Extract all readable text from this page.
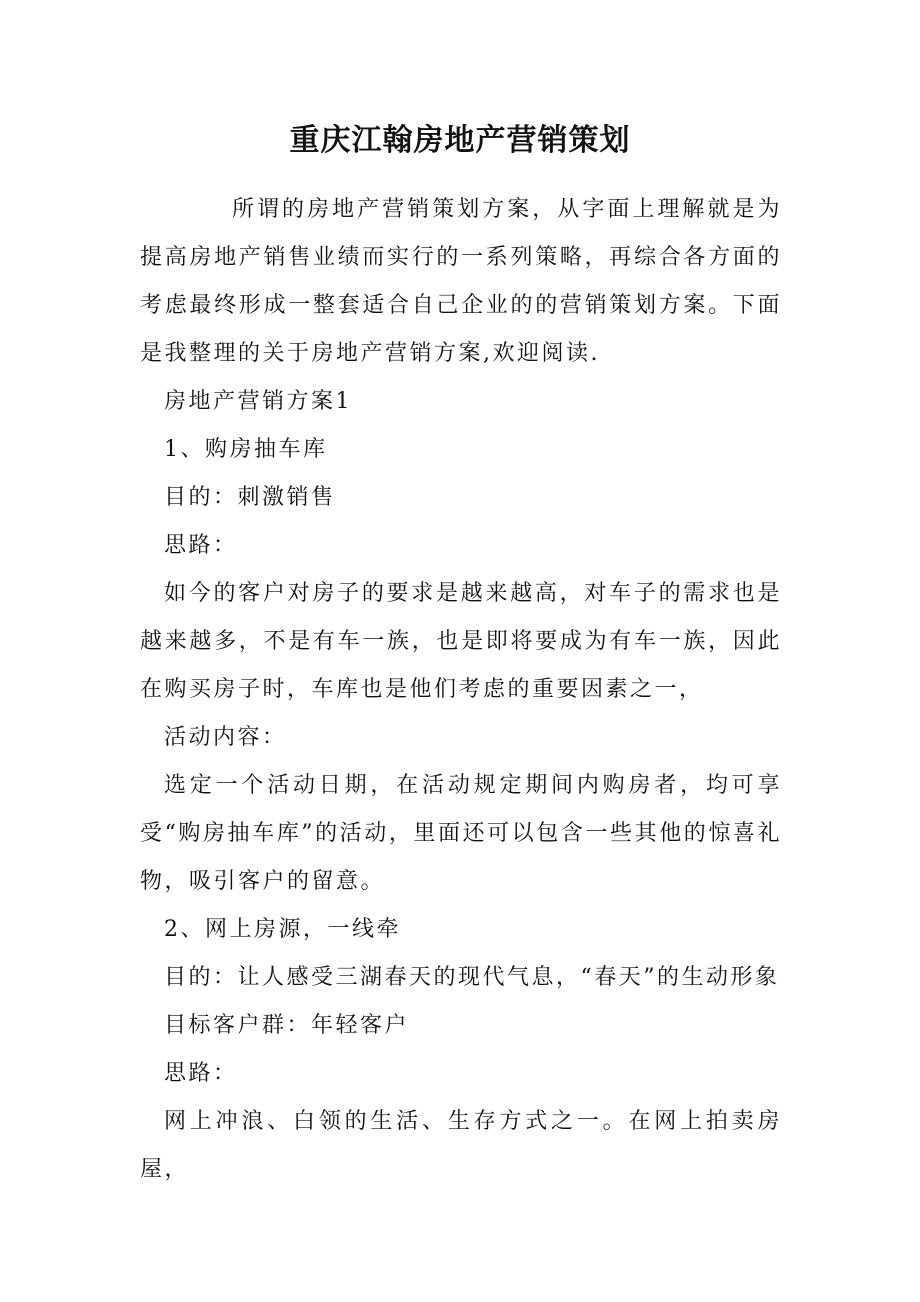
重庆江翰房地产营销策划

所谓的房地产营销策划方案，从字面上理解就是为提高房地产销售业绩而实行的一系列策略，再综合各方面的考虑最终形成一整套适合自己企业的的营销策划方案。下面是我整理的关于房地产营销方案,欢迎阅读.

房地产营销方案1

1、购房抽车库

目的：刺激销售

思路：

如今的客户对房子的要求是越来越高，对车子的需求也是越来越多，不是有车一族，也是即将要成为有车一族，因此在购买房子时，车库也是他们考虑的重要因素之一，

活动内容：

选定一个活动日期，在活动规定期间内购房者，均可享受“购房抽车库”的活动，里面还可以包含一些其他的惊喜礼物，吸引客户的留意。

2、网上房源，一线牵

目的：让人感受三湖春天的现代气息，“春天”的生动形象

目标客户群：年轻客户

思路：

网上冲浪、白领的生活、生存方式之一。在网上拍卖房屋，
